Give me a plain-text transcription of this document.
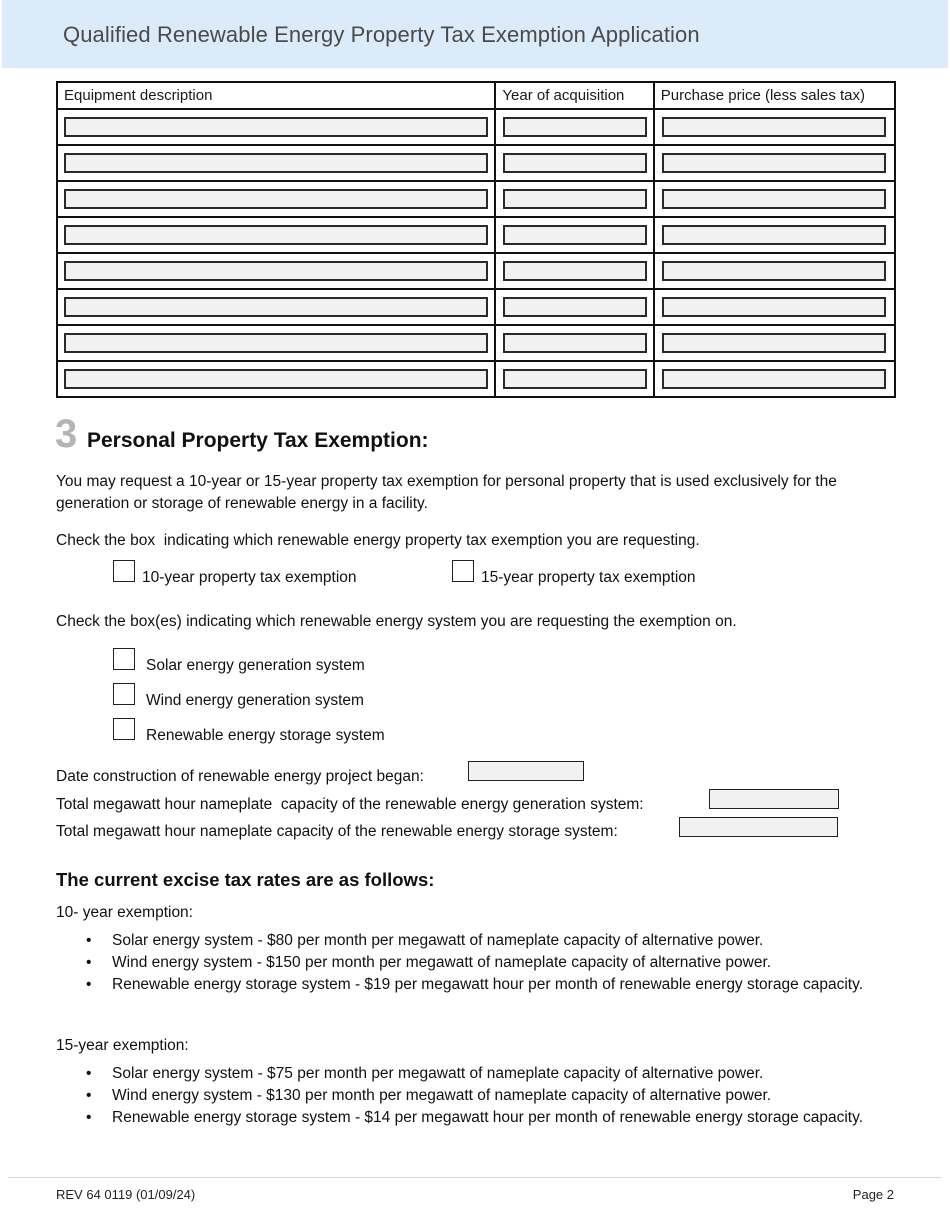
Qualified Renewable Energy Property Tax Exemption Application
Equipment description	Year of acquisition	Purchase price (less sales tax)

3 Personal Property Tax Exemption:
You may request a 10-year or 15-year property tax exemption for personal property that is used exclusively for the generation or storage of renewable energy in a facility.
Check the box  indicating which renewable energy property tax exemption you are requesting.
10-year property tax exemption	15-year property tax exemption
Check the box(es) indicating which renewable energy system you are requesting the exemption on.
Solar energy generation system
Wind energy generation system
Renewable energy storage system
Date construction of renewable energy project began:
Total megawatt hour nameplate  capacity of the renewable energy generation system:
Total megawatt hour nameplate capacity of the renewable energy storage system:
The current excise tax rates are as follows:
10- year exemption:
• Solar energy system - $80 per month per megawatt of nameplate capacity of alternative power.
• Wind energy system - $150 per month per megawatt of nameplate capacity of alternative power.
• Renewable energy storage system - $19 per megawatt hour per month of renewable energy storage capacity.
15-year exemption:
• Solar energy system - $75 per month per megawatt of nameplate capacity of alternative power.
• Wind energy system - $130 per month per megawatt of nameplate capacity of alternative power.
• Renewable energy storage system - $14 per megawatt hour per month of renewable energy storage capacity.
REV 64 0119 (01/09/24)	Page 2
